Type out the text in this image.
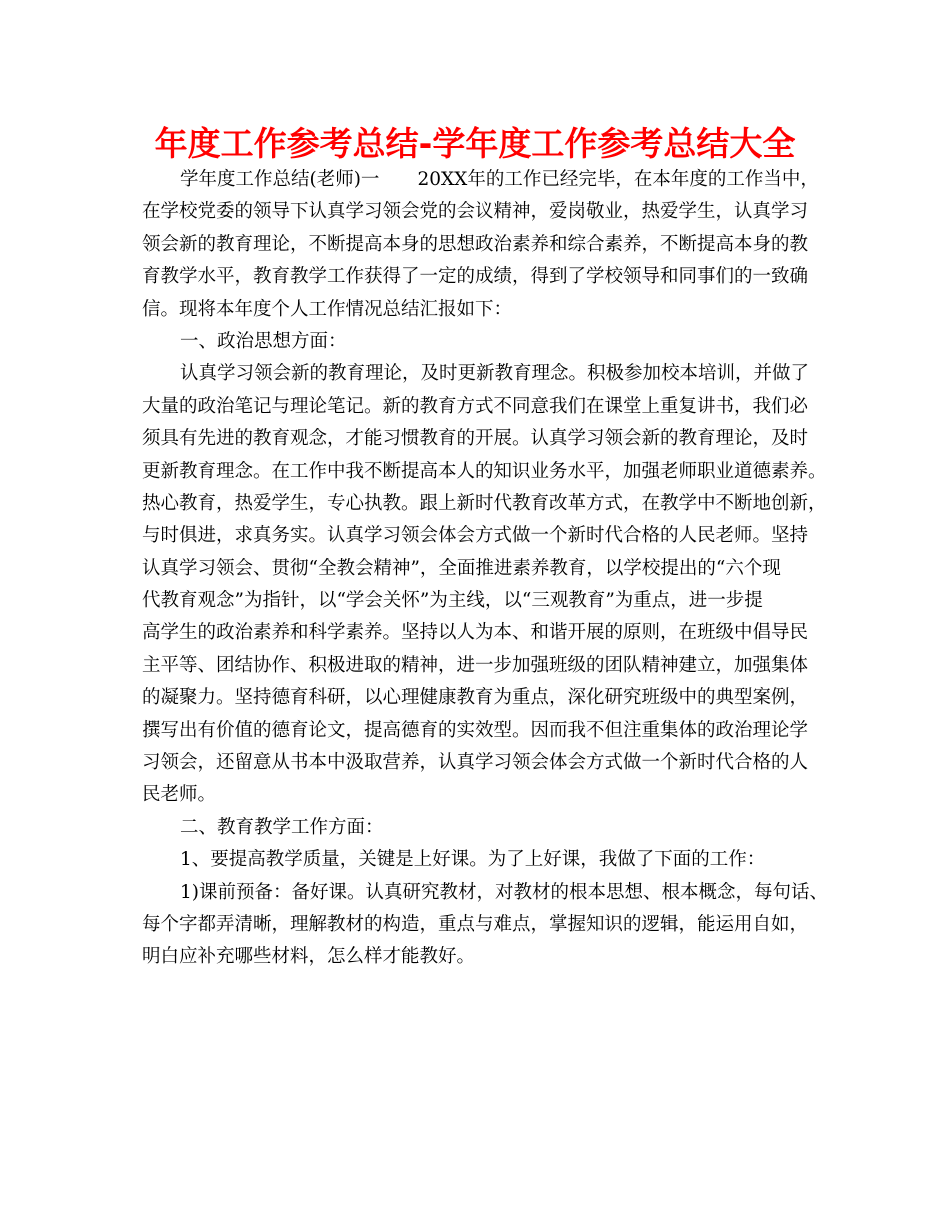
年度工作参考总结-学年度工作参考总结大全
学年度工作总结(老师)一 20XX年的工作已经完毕，在本年度的工作当中，
在学校党委的领导下认真学习领会党的会议精神，爱岗敬业，热爱学生，认真学习
领会新的教育理论，不断提高本身的思想政治素养和综合素养，不断提高本身的教
育教学水平，教育教学工作获得了一定的成绩，得到了学校领导和同事们的一致确
信。现将本年度个人工作情况总结汇报如下：
一、政治思想方面：
认真学习领会新的教育理论，及时更新教育理念。积极参加校本培训，并做了
大量的政治笔记与理论笔记。新的教育方式不同意我们在课堂上重复讲书，我们必
须具有先进的教育观念，才能习惯教育的开展。认真学习领会新的教育理论，及时
更新教育理念。在工作中我不断提高本人的知识业务水平，加强老师职业道德素养。
热心教育，热爱学生，专心执教。跟上新时代教育改革方式，在教学中不断地创新，
与时俱进，求真务实。认真学习领会体会方式做一个新时代合格的人民老师。坚持
认真学习领会、贯彻“全教会精神”，全面推进素养教育，以学校提出的“六个现
代教育观念”为指针，以“学会关怀”为主线，以“三观教育”为重点，进一步提
高学生的政治素养和科学素养。坚持以人为本、和谐开展的原则，在班级中倡导民
主平等、团结协作、积极进取的精神，进一步加强班级的团队精神建立，加强集体
的凝聚力。坚持德育科研，以心理健康教育为重点，深化研究班级中的典型案例，
撰写出有价值的德育论文，提高德育的实效型。因而我不但注重集体的政治理论学
习领会，还留意从书本中汲取营养，认真学习领会体会方式做一个新时代合格的人
民老师。
二、教育教学工作方面：
1、要提高教学质量，关键是上好课。为了上好课，我做了下面的工作：
1)课前预备：备好课。认真研究教材，对教材的根本思想、根本概念，每句话、
每个字都弄清晰，理解教材的构造，重点与难点，掌握知识的逻辑，能运用自如，
明白应补充哪些材料，怎么样才能教好。
